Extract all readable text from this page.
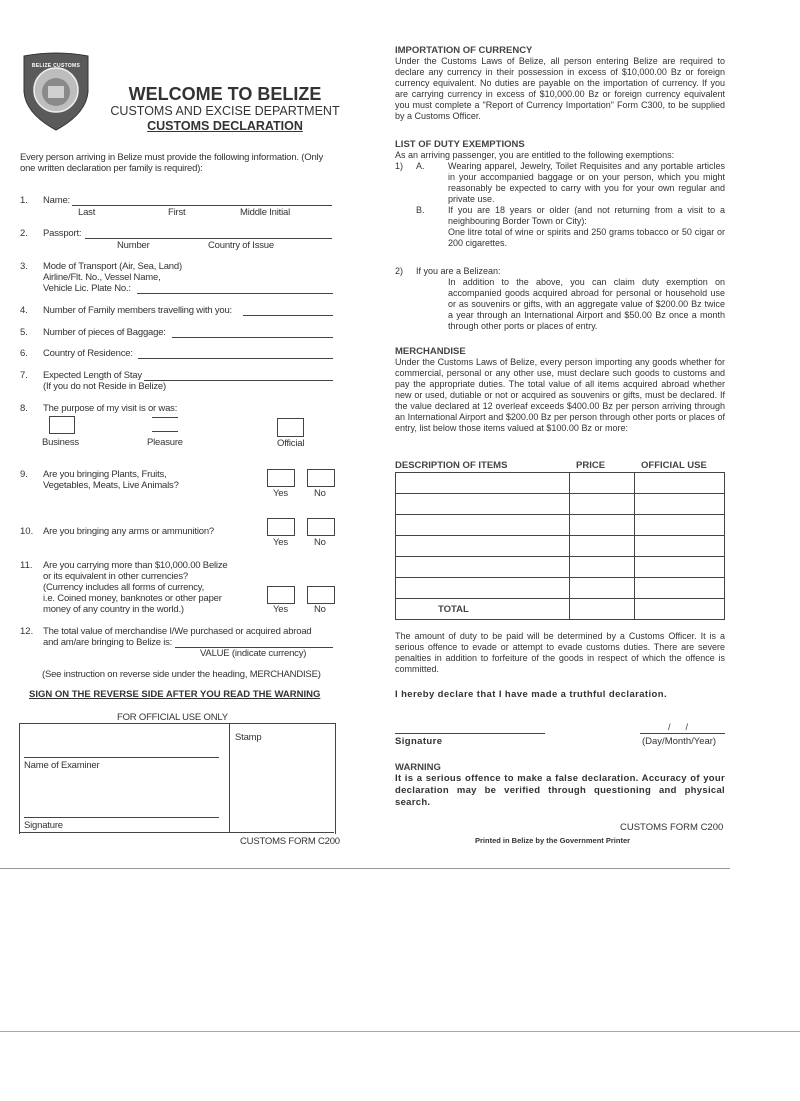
BELIZE CUSTOMS
WELCOME TO BELIZE
CUSTOMS AND EXCISE DEPARTMENT
CUSTOMS DECLARATION
Every person arriving in Belize must provide the following information. (Only one written declaration per family is required):
1. Name:
Last	First	Middle Initial
2. Passport:
Number	Country of Issue
3. Mode of Transport (Air, Sea, Land)
Airline/Flt. No., Vessel Name,
Vehicle Lic. Plate No.:
4. Number of Family members travelling with you:
5. Number of pieces of Baggage:
6. Country of Residence:
7. Expected Length of Stay
(If you do not Reside in Belize)
8. The purpose of my visit is or was:
Business	Pleasure	Official
9. Are you bringing Plants, Fruits,
Vegetables, Meats, Live Animals?
Yes	No
10. Are you bringing any arms or ammunition?
Yes	No
11. Are you carrying more than $10,000.00 Belize
or its equivalent in other currencies?
(Currency includes all forms of currency,
i.e. Coined money, banknotes or other paper
money of any country in the world.)	Yes	No
12. The total value of merchandise I/We purchased or acquired abroad
and am/are bringing to Belize is:
VALUE (indicate currency)
(See instruction on reverse side under the heading, MERCHANDISE)
SIGN ON THE REVERSE SIDE AFTER YOU READ THE WARNING
FOR OFFICIAL USE ONLY
Stamp
Name of Examiner
Signature
CUSTOMS FORM C200
IMPORTATION OF CURRENCY
Under the Customs Laws of Belize, all person entering Belize are required to declare any currency in their possession in excess of $10,000.00 Bz or foreign currency equivalent. No duties are payable on the importation of currency. If you are carrying currency in excess of $10,000.00 Bz or foreign currency equivalent you must complete a "Report of Currency Importation" Form C300, to be supplied by a Customs Officer.
LIST OF DUTY EXEMPTIONS
As an arriving passenger, you are entitled to the following exemptions:
1) A.	Wearing apparel, Jewelry, Toilet Requisites and any portable articles in your accompanied baggage or on your person, which you might reasonably be expected to carry with you for your own regular and private use.
B.	If you are 18 years or older (and not returning from a visit to a neighbouring Border Town or City):
One litre total of wine or spirits and 250 grams tobacco or 50 cigar or 200 cigarettes.
2) If you are a Belizean:
In addition to the above, you can claim duty exemption on accompanied goods acquired abroad for personal or household use or as souvenirs or gifts, with an aggregate value of $200.00 Bz twice a year through an International Airport and $50.00 Bz once a month through other ports or places of entry.
MERCHANDISE
Under the Customs Laws of Belize, every person importing any goods whether for commercial, personal or any other use, must declare such goods to customs and pay the appropriate duties. The total value of all items acquired abroad whether new or used, dutiable or not or acquired as souvenirs or gifts, must be declared. If the value declared at 12 overleaf exceeds $400.00 Bz per person arriving through an International Airport and $200.00 Bz per person through other ports or places of entry, list below those items valued at $100.00 Bz or more:
DESCRIPTION OF ITEMS	PRICE	OFFICIAL USE

TOTAL		
The amount of duty to be paid will be determined by a Customs Officer. It is a serious offence to evade or attempt to evade customs duties. There are severe penalties in addition to forfeiture of the goods in respect of which the offence is committed.
I hereby declare that I have made a truthful declaration.
Signature
/      /
(Day/Month/Year)
WARNING
It is a serious offence to make a false declaration. Accuracy of your declaration may be verified through questioning and physical search.
CUSTOMS FORM C200
Printed in Belize by the Government Printer
